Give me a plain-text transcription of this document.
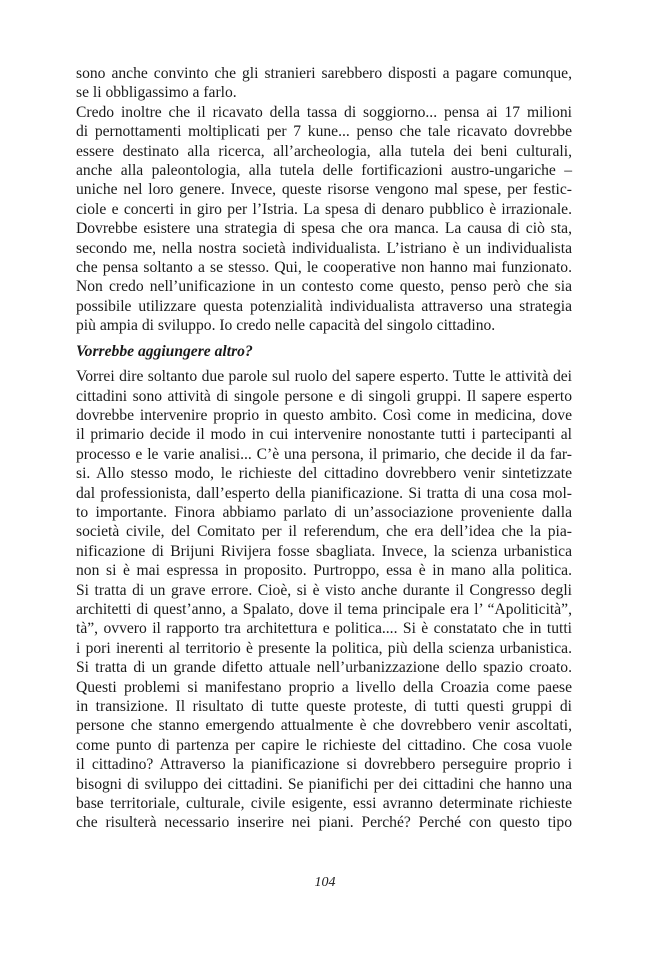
sono anche convinto che gli stranieri sarebbero disposti a pagare comunque,
se li obbligassimo a farlo.
Credo inoltre che il ricavato della tassa di soggiorno... pensa ai 17 milioni
di pernottamenti moltiplicati per 7 kune... penso che tale ricavato dovrebbe
essere destinato alla ricerca, all’archeologia, alla tutela dei beni culturali,
anche alla paleontologia, alla tutela delle fortificazioni austro-ungariche –
uniche nel loro genere. Invece, queste risorse vengono mal spese, per festic-
ciole e concerti in giro per l’Istria. La spesa di denaro pubblico è irrazionale.
Dovrebbe esistere una strategia di spesa che ora manca. La causa di ciò sta,
secondo me, nella nostra società individualista. L’istriano è un individualista
che pensa soltanto a se stesso. Qui, le cooperative non hanno mai funzionato.
Non credo nell’unificazione in un contesto come questo, penso però che sia
possibile utilizzare questa potenzialità individualista attraverso una strategia
più ampia di sviluppo. Io credo nelle capacità del singolo cittadino.
Vorrebbe aggiungere altro?
Vorrei dire soltanto due parole sul ruolo del sapere esperto. Tutte le attività dei
cittadini sono attività di singole persone e di singoli gruppi. Il sapere esperto
dovrebbe intervenire proprio in questo ambito. Così come in medicina, dove
il primario decide il modo in cui intervenire nonostante tutti i partecipanti al
processo e le varie analisi... C’è una persona, il primario, che decide il da far-
si. Allo stesso modo, le richieste del cittadino dovrebbero venir sintetizzate
dal professionista, dall’esperto della pianificazione. Si tratta di una cosa mol-
to importante. Finora abbiamo parlato di un’associazione proveniente dalla
società civile, del Comitato per il referendum, che era dell’idea che la pia-
nificazione di Brijuni Rivijera fosse sbagliata. Invece, la scienza urbanistica
non si è mai espressa in proposito. Purtroppo, essa è in mano alla politica.
Si tratta di un grave errore. Cioè, si è visto anche durante il Congresso degli
architetti di quest’anno, a Spalato, dove il tema principale era l’ “Apoliticità”,
tà”, ovvero il rapporto tra architettura e politica.... Si è constatato che in tutti
i pori inerenti al territorio è presente la politica, più della scienza urbanistica.
Si tratta di un grande difetto attuale nell’urbanizzazione dello spazio croato.
Questi problemi si manifestano proprio a livello della Croazia come paese
in transizione. Il risultato di tutte queste proteste, di tutti questi gruppi di
persone che stanno emergendo attualmente è che dovrebbero venir ascoltati,
come punto di partenza per capire le richieste del cittadino. Che cosa vuole
il cittadino? Attraverso la pianificazione si dovrebbero perseguire proprio i
bisogni di sviluppo dei cittadini. Se pianifichi per dei cittadini che hanno una
base territoriale, culturale, civile esigente, essi avranno determinate richieste
che risulterà necessario inserire nei piani. Perché? Perché con questo tipo
104
